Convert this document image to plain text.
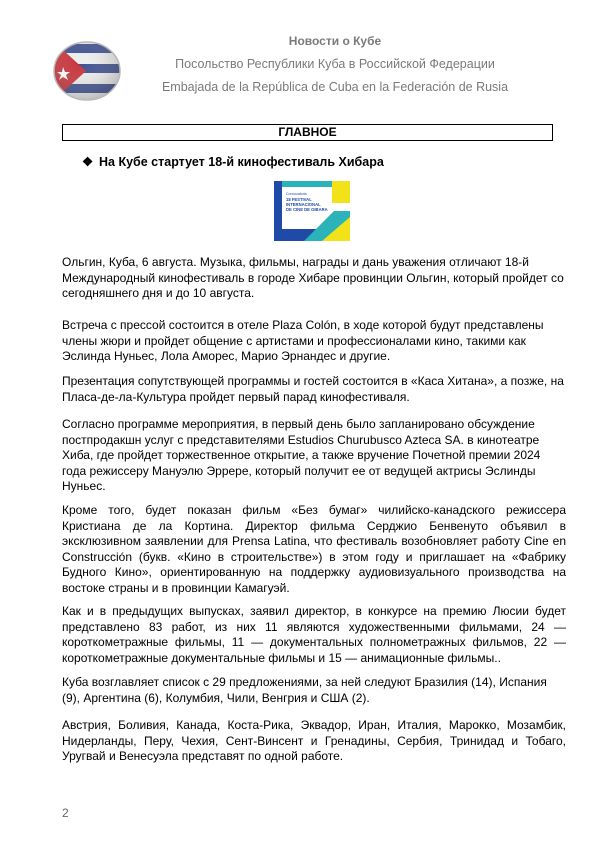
Новости о Кубе
Посольство Республики Куба в Российской Федерации
Embajada de la República de Cuba en la Federación de Rusia
ГЛАВНОЕ
❖ На Кубе стартует 18-й кинофестиваль Хибара
Convocatoria
18 FESTIVAL
INTERNACIONAL
DE CINE DE GIBARA
Ольгин, Куба, 6 августа. Музыка, фильмы, награды и дань уважения отличают 18-й Международный кинофестиваль в городе Хибаре провинции Ольгин, который пройдет со сегодняшнего дня и до 10 августа.
Встреча с прессой состоится в отеле Plaza Colón, в ходе которой будут представлены члены жюри и пройдет общение с артистами и профессионалами кино, такими как Эслинда Нуньес, Лола Аморес, Марио Эрнандес и другие.
Презентация сопутствующей программы и гостей состоится в «Каса Хитана», а позже, на Пласа-де-ла-Культура пройдет первый парад кинофестиваля.
Согласно программе мероприятия, в первый день было запланировано обсуждение постпродакшн услуг с представителями Estudios Churubusco Azteca SA. в кинотеатре Хиба, где пройдет торжественное открытие, а также вручение Почетной премии 2024 года режиссеру Мануэлю Эррере, который получит ее от ведущей актрисы Эслинды Нуньес.
Кроме того, будет показан фильм «Без бумаг» чилийско-канадского режиссера Кристиана де ла Кортина. Директор фильма Серджио Бенвенуто объявил в эксклюзивном заявлении для Prensa Latina, что фестиваль возобновляет работу Cine en Construcción (букв. «Кино в строительстве») в этом году и приглашает на «Фабрику Будного Кино», ориентированную на поддержку аудиовизуального производства на востоке страны и в провинции Камагуэй.
Как и в предыдущих выпусках, заявил директор, в конкурсе на премию Люсии будет представлено 83 работ, из них 11 являются художественными фильмами, 24 — короткометражные фильмы, 11 — документальных полнометражных фильмов, 22 — короткометражные документальные фильмы и 15 — анимационные фильмы..
Куба возглавляет список с 29 предложениями, за ней следуют Бразилия (14), Испания (9), Аргентина (6), Колумбия, Чили, Венгрия и США (2).
Австрия, Боливия, Канада, Коста-Рика, Эквадор, Иран, Италия, Марокко, Мозамбик, Нидерланды, Перу, Чехия, Сент-Винсент и Гренадины, Сербия, Тринидад и Тобаго, Уругвай и Венесуэла представят по одной работе.
2
